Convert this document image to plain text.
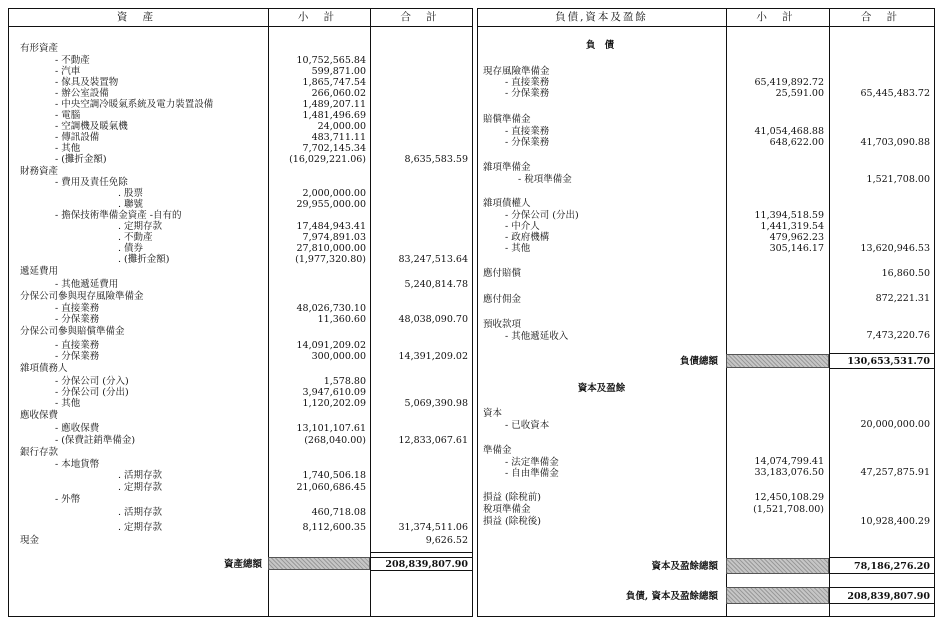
資 產	小 計	合 計	負債,資本及盈餘	小 計	合 計
有形資產
- 不動產	10,752,565.84
- 汽車	599,871.00
- 傢具及裝置物	1,865,747.54
- 辦公室設備	266,060.02
- 中央空調冷暖氣系統及電力裝置設備	1,489,207.11
- 電腦	1,481,496.69
- 空調機及暖氣機	24,000.00
- 傳訊設備	483,711.11
- 其他	7,702,145.34
- (攤折金額)	(16,029,221.06)	8,635,583.59
財務資產
- 費用及責任免除
. 股票	2,000,000.00
. 聯號	29,955,000.00
- 擔保技術準備金資產 -自有的
. 定期存款	17,484,943.41
. 不動產	7,974,891.03
. 債券	27,810,000.00
. (攤折金額)	(1,977,320.80)	83,247,513.64
遞延費用
- 其他遞延費用	5,240,814.78
分保公司參與現存風險準備金
- 直接業務	48,026,730.10
- 分保業務	11,360.60	48,038,090.70
分保公司參與賠償準備金
- 直接業務	14,091,209.02
- 分保業務	300,000.00	14,391,209.02
雜項債務人
- 分保公司 (分入)	1,578.80
- 分保公司 (分出)	3,947,610.09
- 其他	1,120,202.09	5,069,390.98
應收保費
- 應收保費	13,101,107.61
- (保費註銷準備金)	(268,040.00)	12,833,067.61
銀行存款
- 本地貨幣
. 活期存款	1,740,506.18
. 定期存款	21,060,686.45
- 外幣
. 活期存款	460,718.08
. 定期存款	8,112,600.35	31,374,511.06
現金	9,626.52
資產總額	208,839,807.90
負 債
現存風險準備金
- 直接業務	65,419,892.72
- 分保業務	25,591.00	65,445,483.72
賠償準備金
- 直接業務	41,054,468.88
- 分保業務	648,622.00	41,703,090.88
雜項準備金
- 稅項準備金	1,521,708.00
雜項債權人
- 分保公司 (分出)	11,394,518.59
- 中介人	1,441,319.54
- 政府機構	479,962.23
- 其他	305,146.17	13,620,946.53
應付賠償	16,860.50
應付佣金	872,221.31
預收款項
- 其他遞延收入	7,473,220.76
負債總額	130,653,531.70
資本及盈餘
資本
- 已收資本	20,000,000.00
準備金
- 法定準備金	14,074,799.41
- 自由準備金	33,183,076.50	47,257,875.91
損益 (除稅前)	12,450,108.29
稅項準備金	(1,521,708.00)
損益 (除稅後)	10,928,400.29
資本及盈餘總額	78,186,276.20
負債, 資本及盈餘總額	208,839,807.90
